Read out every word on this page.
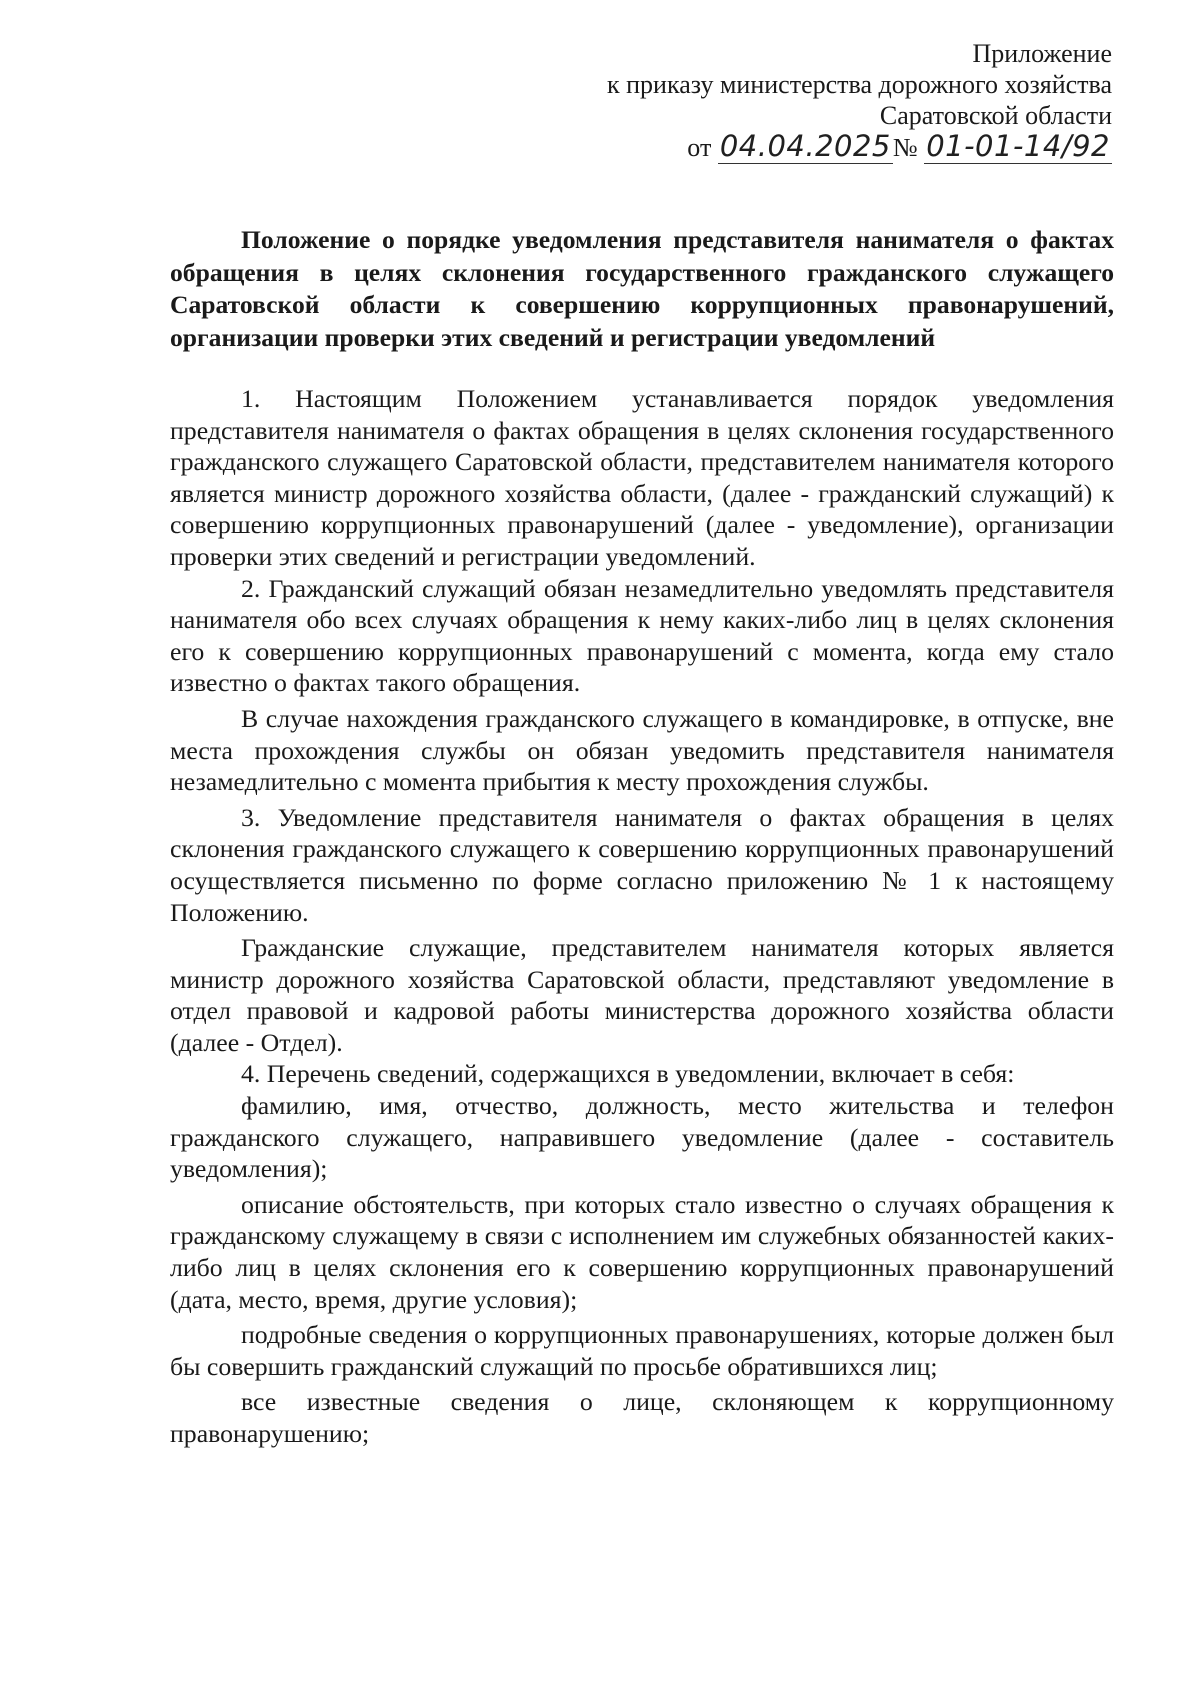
Приложение
к приказу министерства дорожного хозяйства
Саратовской области
от 04.04.2025№ 01-01-14/92

Положение о порядке уведомления представителя нанимателя о фактах обращения в целях склонения государственного гражданского служащего Саратовской области к совершению коррупционных правонарушений, организации проверки этих сведений и регистрации уведомлений

1. Настоящим Положением устанавливается порядок уведомления представителя нанимателя о фактах обращения в целях склонения государственного гражданского служащего Саратовской области, представителем нанимателя которого является министр дорожного хозяйства области, (далее - гражданский служащий) к совершению коррупционных правонарушений (далее - уведомление), организации проверки этих сведений и регистрации уведомлений.

2. Гражданский служащий обязан незамедлительно уведомлять представителя нанимателя обо всех случаях обращения к нему каких-либо лиц в целях склонения его к совершению коррупционных правонарушений с момента, когда ему стало известно о фактах такого обращения.

В случае нахождения гражданского служащего в командировке, в отпуске, вне места прохождения службы он обязан уведомить представителя нанимателя незамедлительно с момента прибытия к месту прохождения службы.

3. Уведомление представителя нанимателя о фактах обращения в целях склонения гражданского служащего к совершению коррупционных правонарушений осуществляется письменно по форме согласно приложению № 1 к настоящему Положению.

Гражданские служащие, представителем нанимателя которых является министр дорожного хозяйства Саратовской области, представляют уведомление в отдел правовой и кадровой работы министерства дорожного хозяйства области (далее - Отдел).

4. Перечень сведений, содержащихся в уведомлении, включает в себя:

фамилию, имя, отчество, должность, место жительства и телефон гражданского служащего, направившего уведомление (далее - составитель уведомления);

описание обстоятельств, при которых стало известно о случаях обращения к гражданскому служащему в связи с исполнением им служебных обязанностей каких-либо лиц в целях склонения его к совершению коррупционных правонарушений (дата, место, время, другие условия);

подробные сведения о коррупционных правонарушениях, которые должен был бы совершить гражданский служащий по просьбе обратившихся лиц;

все известные сведения о лице, склоняющем к коррупционному правонарушению;
